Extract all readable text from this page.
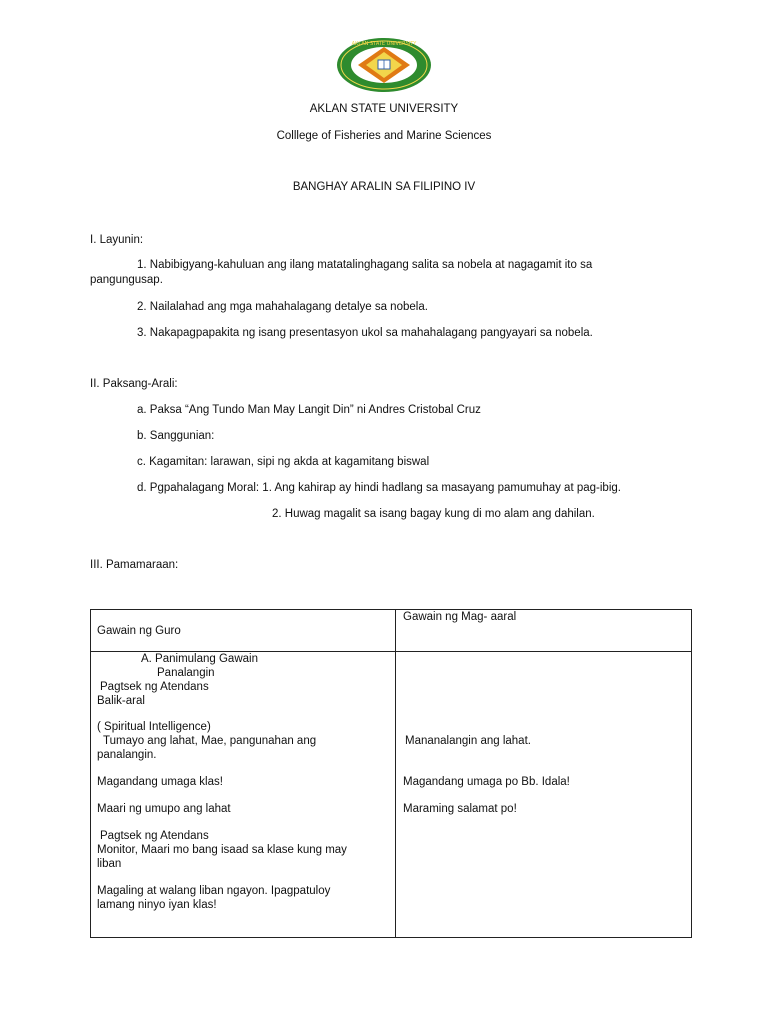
AKLAN STATE UNIVERSITY
AKLAN STATE UNIVERSITY
Colllege of Fisheries and Marine Sciences
BANGHAY ARALIN SA FILIPINO IV
I. Layunin:
1. Nabibigyang-kahuluan ang ilang matatalinghagang salita sa nobela at nagagamit ito sa
pangungusap.
2. Nailalahad ang mga mahahalagang detalye sa nobela.
3. Nakapagpapakita ng isang presentasyon ukol sa mahahalagang pangyayari sa nobela.
II. Paksang-Arali:
a. Paksa “Ang Tundo Man May Langit Din” ni Andres Cristobal Cruz
b. Sanggunian:
c. Kagamitan: larawan, sipi ng akda at kagamitang biswal
d. Pgpahalagang Moral: 1. Ang kahirap ay hindi hadlang sa masayang pamumuhay at pag-ibig.
2. Huwag magalit sa isang bagay kung di mo alam ang dahilan.
III. Pamamaraan:
Gawain ng Guro
Gawain ng Mag- aaral
A. Panimulang Gawain
Panalangin
Pagtsek ng Atendans
Balik-aral
( Spiritual Intelligence)
Tumayo ang lahat, Mae, pangunahan ang
panalangin.
Magandang umaga klas!
Maari ng umupo ang lahat
Pagtsek ng Atendans
Monitor, Maari mo bang isaad sa klase kung may
liban
Magaling at walang liban ngayon. Ipagpatuloy
lamang ninyo iyan klas!
Mananalangin ang lahat.
Magandang umaga po Bb. Idala!
Maraming salamat po!
